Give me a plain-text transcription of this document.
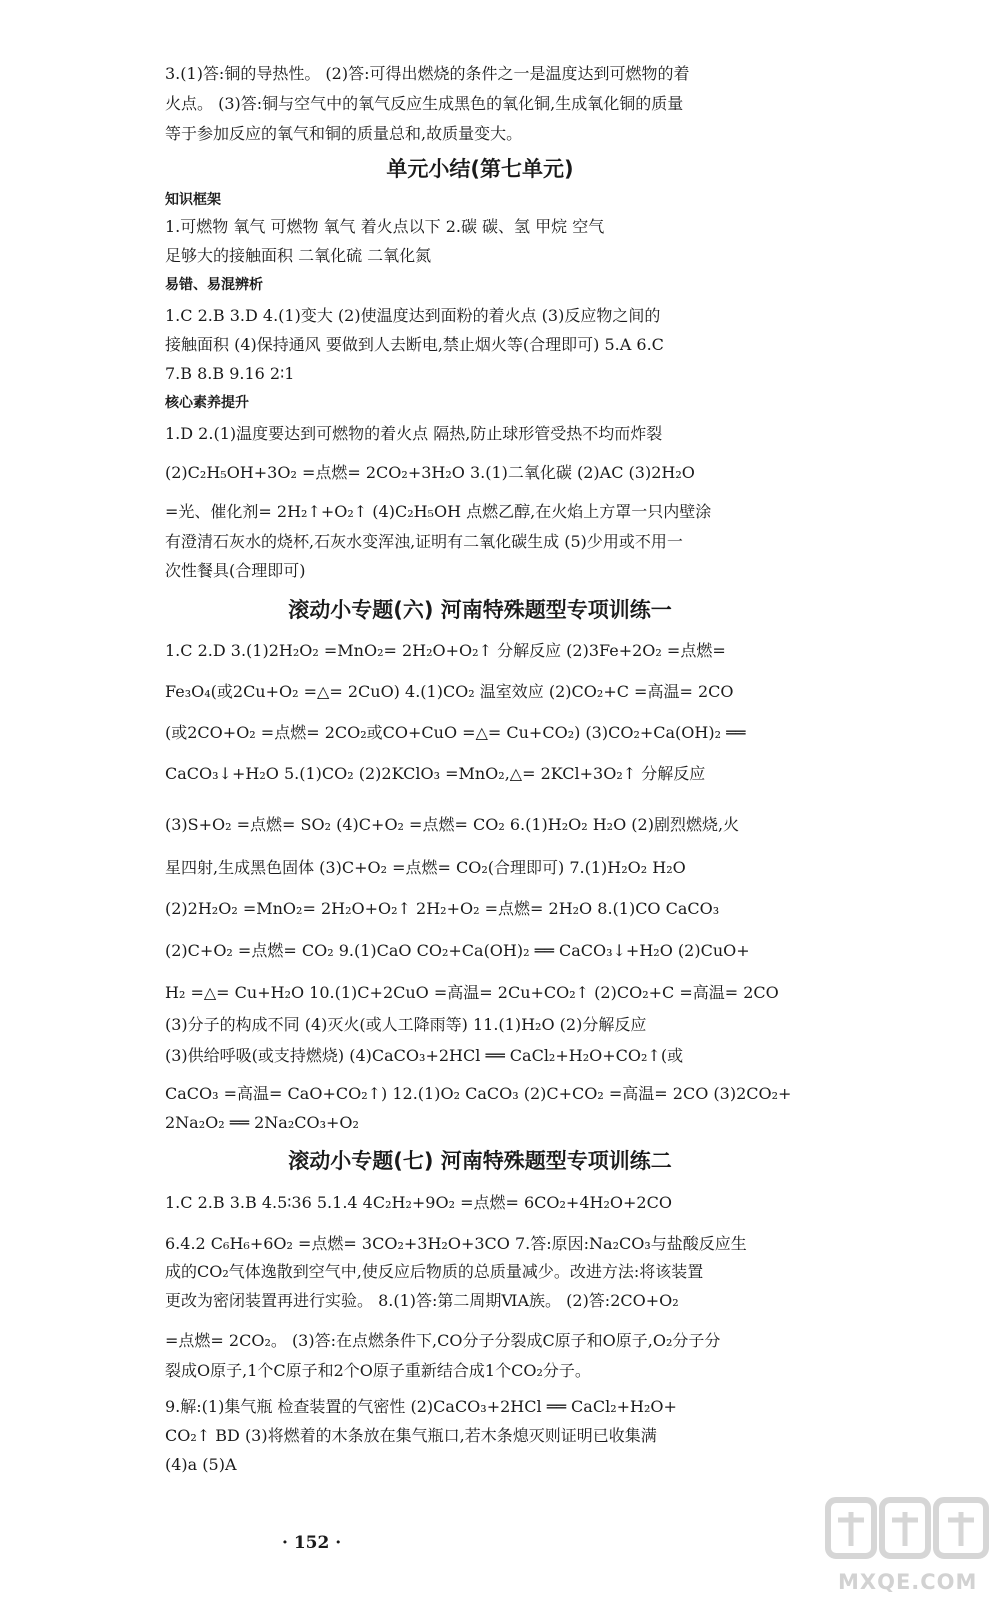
3.(1)答:铜的导热性。 (2)答:可得出燃烧的条件之一是温度达到可燃物的着
火点。 (3)答:铜与空气中的氧气反应生成黑色的氧化铜,生成氧化铜的质量
等于参加反应的氧气和铜的质量总和,故质量变大。
单元小结(第七单元)
知识框架
1.可燃物 氧气 可燃物 氧气 着火点以下 2.碳 碳、氢 甲烷 空气
足够大的接触面积 二氧化硫 二氧化氮
易错、易混辨析
1.C 2.B 3.D 4.(1)变大 (2)使温度达到面粉的着火点 (3)反应物之间的
接触面积 (4)保持通风 要做到人去断电,禁止烟火等(合理即可) 5.A 6.C
7.B 8.B 9.16 2∶1
核心素养提升
1.D 2.(1)温度要达到可燃物的着火点 隔热,防止球形管受热不均而炸裂
(2)C₂H₅OH+3O₂ =点燃= 2CO₂+3H₂O 3.(1)二氧化碳 (2)AC (3)2H₂O
=光、催化剂= 2H₂↑+O₂↑ (4)C₂H₅OH 点燃乙醇,在火焰上方罩一只内壁涂
有澄清石灰水的烧杯,石灰水变浑浊,证明有二氧化碳生成 (5)少用或不用一
次性餐具(合理即可)
滚动小专题(六) 河南特殊题型专项训练一
1.C 2.D 3.(1)2H₂O₂ =MnO₂= 2H₂O+O₂↑ 分解反应 (2)3Fe+2O₂ =点燃=
Fe₃O₄(或2Cu+O₂ =△= 2CuO) 4.(1)CO₂ 温室效应 (2)CO₂+C =高温= 2CO
(或2CO+O₂ =点燃= 2CO₂或CO+CuO =△= Cu+CO₂) (3)CO₂+Ca(OH)₂ ══
CaCO₃↓+H₂O 5.(1)CO₂ (2)2KClO₃ =MnO₂,△= 2KCl+3O₂↑ 分解反应
(3)S+O₂ =点燃= SO₂ (4)C+O₂ =点燃= CO₂ 6.(1)H₂O₂ H₂O (2)剧烈燃烧,火
星四射,生成黑色固体 (3)C+O₂ =点燃= CO₂(合理即可) 7.(1)H₂O₂ H₂O
(2)2H₂O₂ =MnO₂= 2H₂O+O₂↑ 2H₂+O₂ =点燃= 2H₂O 8.(1)CO CaCO₃
(2)C+O₂ =点燃= CO₂ 9.(1)CaO CO₂+Ca(OH)₂ ══ CaCO₃↓+H₂O (2)CuO+
H₂ =△= Cu+H₂O 10.(1)C+2CuO =高温= 2Cu+CO₂↑ (2)CO₂+C =高温= 2CO
(3)分子的构成不同 (4)灭火(或人工降雨等) 11.(1)H₂O (2)分解反应
(3)供给呼吸(或支持燃烧) (4)CaCO₃+2HCl ══ CaCl₂+H₂O+CO₂↑(或
CaCO₃ =高温= CaO+CO₂↑) 12.(1)O₂ CaCO₃ (2)C+CO₂ =高温= 2CO (3)2CO₂+
2Na₂O₂ ══ 2Na₂CO₃+O₂
滚动小专题(七) 河南特殊题型专项训练二
1.C 2.B 3.B 4.5∶36 5.1.4 4C₂H₂+9O₂ =点燃= 6CO₂+4H₂O+2CO
6.4.2 C₆H₆+6O₂ =点燃= 3CO₂+3H₂O+3CO 7.答:原因:Na₂CO₃与盐酸反应生
成的CO₂气体逸散到空气中,使反应后物质的总质量减少。改进方法:将该装置
更改为密闭装置再进行实验。 8.(1)答:第二周期ⅥA族。 (2)答:2CO+O₂
=点燃= 2CO₂。 (3)答:在点燃条件下,CO分子分裂成C原子和O原子,O₂分子分
裂成O原子,1个C原子和2个O原子重新结合成1个CO₂分子。
9.解:(1)集气瓶 检查装置的气密性 (2)CaCO₃+2HCl ══ CaCl₂+H₂O+
CO₂↑ BD (3)将燃着的木条放在集气瓶口,若木条熄灭则证明已收集满
(4)a (5)A
· 152 ·
MXQE.COM
